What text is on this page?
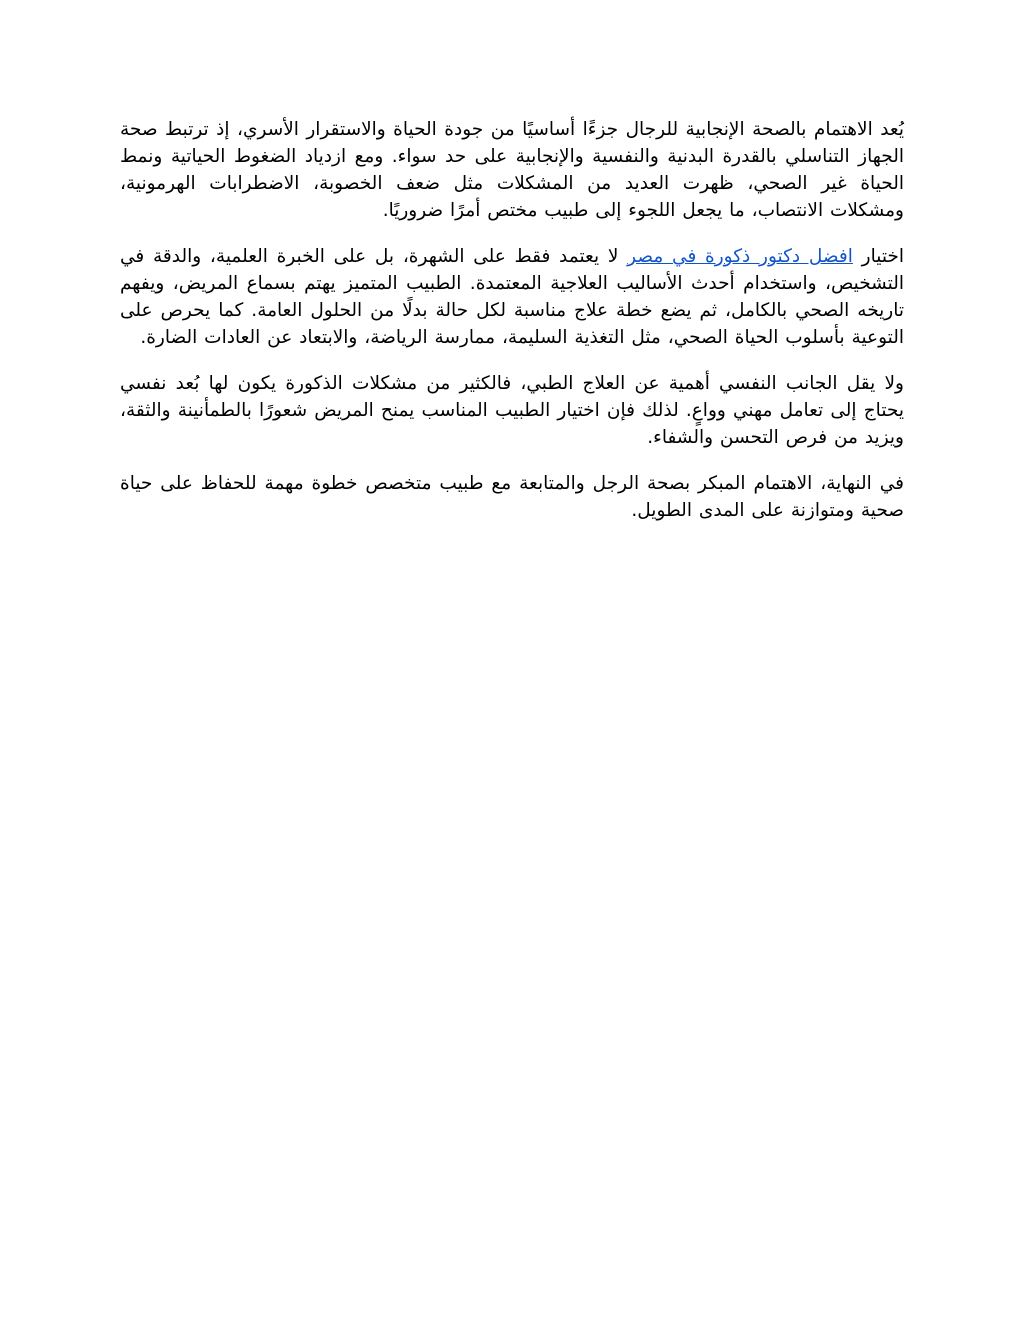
يُعد الاهتمام بالصحة الإنجابية للرجال جزءًا أساسيًا من جودة الحياة والاستقرار الأسري، إذ ترتبط صحة الجهاز التناسلي بالقدرة البدنية والنفسية والإنجابية على حد سواء. ومع ازدياد الضغوط الحياتية ونمط الحياة غير الصحي، ظهرت العديد من المشكلات مثل ضعف الخصوبة، الاضطرابات الهرمونية، ومشكلات الانتصاب، ما يجعل اللجوء إلى طبيب مختص أمرًا ضروريًا.

اختيار افضل دكتور ذكورة في مصر لا يعتمد فقط على الشهرة، بل على الخبرة العلمية، والدقة في التشخيص، واستخدام أحدث الأساليب العلاجية المعتمدة. الطبيب المتميز يهتم بسماع المريض، ويفهم تاريخه الصحي بالكامل، ثم يضع خطة علاج مناسبة لكل حالة بدلًا من الحلول العامة. كما يحرص على التوعية بأسلوب الحياة الصحي، مثل التغذية السليمة، ممارسة الرياضة، والابتعاد عن العادات الضارة.

ولا يقل الجانب النفسي أهمية عن العلاج الطبي، فالكثير من مشكلات الذكورة يكون لها بُعد نفسي يحتاج إلى تعامل مهني وواعٍ. لذلك فإن اختيار الطبيب المناسب يمنح المريض شعورًا بالطمأنينة والثقة، ويزيد من فرص التحسن والشفاء.

في النهاية، الاهتمام المبكر بصحة الرجل والمتابعة مع طبيب متخصص خطوة مهمة للحفاظ على حياة صحية ومتوازنة على المدى الطويل.
